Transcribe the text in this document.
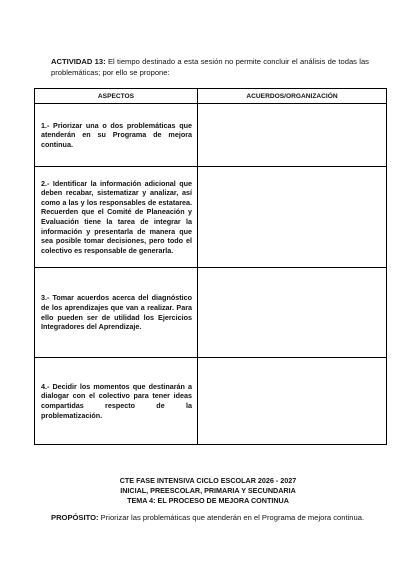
ACTIVIDAD 13: El tiempo destinado a esta sesión no permite concluir el análisis de todas las problemáticas; por ello se propone:
ASPECTOS	ACUERDOS/ORGANIZACIÓN

1.- Priorizar una o dos problemáticas que atenderán en su Programa de mejora continua.	

2.- Identificar la información adicional que deben recabar, sistematizar y analizar, así como a las y los responsables de estatarea. Recuerden que el Comité de Planeación y Evaluación tiene la tarea de integrar la información y presentarla de manera que sea posible tomar decisiones, pero todo el colectivo es responsable de generarla.	

3.- Tomar acuerdos acerca del diagnóstico de los aprendizajes que van a realizar. Para ello pueden ser de utilidad los Ejercicios Integradores del Aprendizaje.	

4.- Decidir los momentos que destinarán a dialogar con el colectivo para tener ideas compartidas respecto de la problematización.	

CTE FASE INTENSIVA CICLO ESCOLAR 2026 - 2027
INICIAL, PREESCOLAR, PRIMARIA Y SECUNDARIA
TEMA 4: EL PROCESO DE MEJORA CONTINUA
PROPÓSITO: Priorizar las problemáticas que atenderán en el Programa de mejora continua.
